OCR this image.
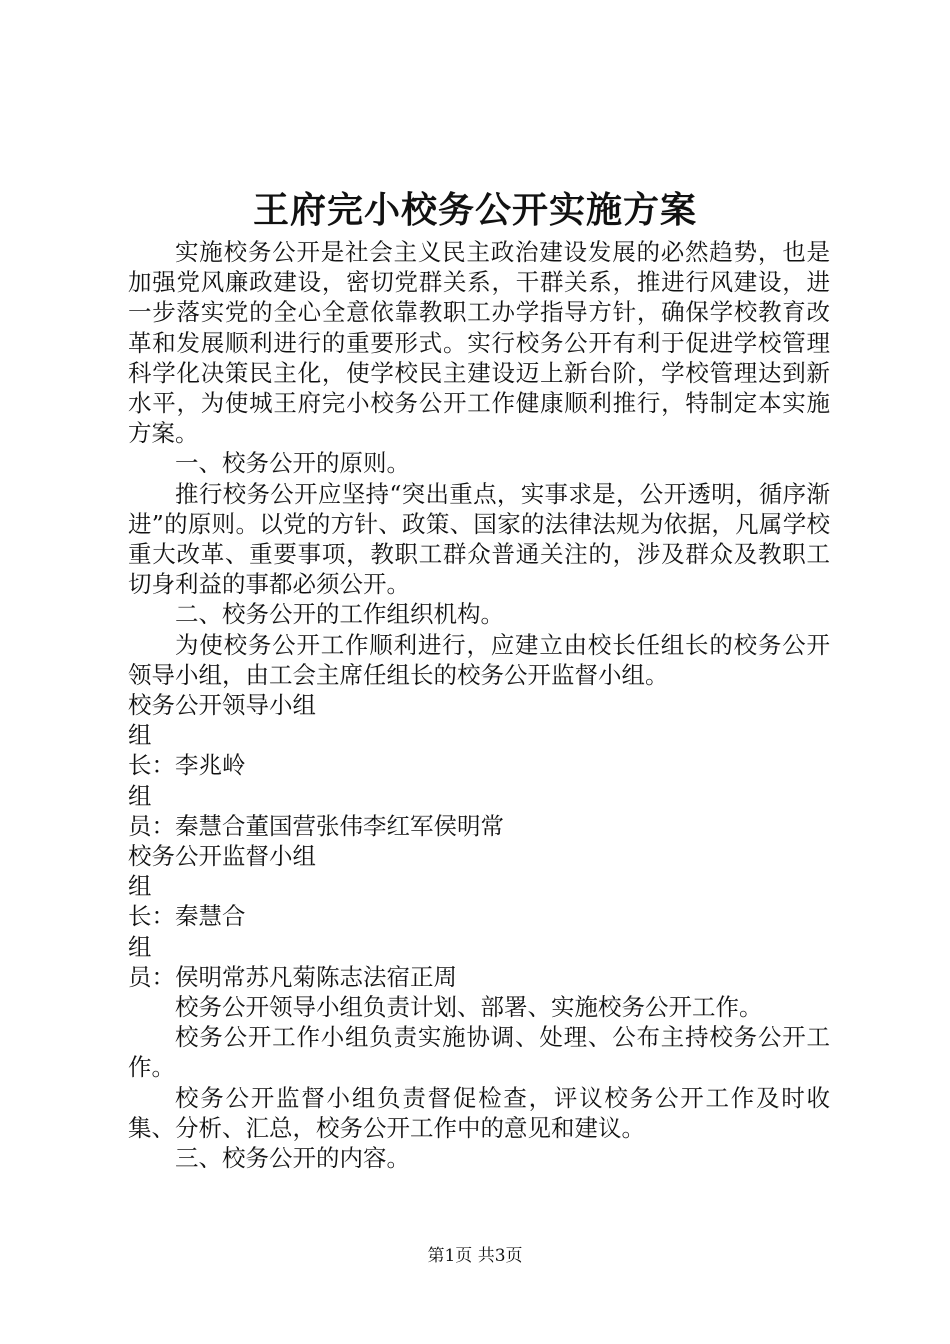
王府完小校务公开实施方案

实施校务公开是社会主义民主政治建设发展的必然趋势，也是加强党风廉政建设，密切党群关系，干群关系，推进行风建设，进一步落实党的全心全意依靠教职工办学指导方针，确保学校教育改革和发展顺利进行的重要形式。实行校务公开有利于促进学校管理科学化决策民主化，使学校民主建设迈上新台阶，学校管理达到新水平，为使城王府完小校务公开工作健康顺利推行，特制定本实施方案。

一、校务公开的原则。

推行校务公开应坚持“突出重点，实事求是，公开透明，循序渐进”的原则。以党的方针、政策、国家的法律法规为依据，凡属学校重大改革、重要事项，教职工群众普通关注的，涉及群众及教职工切身利益的事都必须公开。

二、校务公开的工作组织机构。

为使校务公开工作顺利进行，应建立由校长任组长的校务公开领导小组，由工会主席任组长的校务公开监督小组。

校务公开领导小组

组

长：李兆岭

组

员：秦慧合董国营张伟李红军侯明常

校务公开监督小组

组

长：秦慧合

组

员：侯明常苏凡菊陈志法宿正周

校务公开领导小组负责计划、部署、实施校务公开工作。

校务公开工作小组负责实施协调、处理、公布主持校务公开工作。

校务公开监督小组负责督促检查，评议校务公开工作及时收集、分析、汇总，校务公开工作中的意见和建议。

三、校务公开的内容。

第1页 共3页
